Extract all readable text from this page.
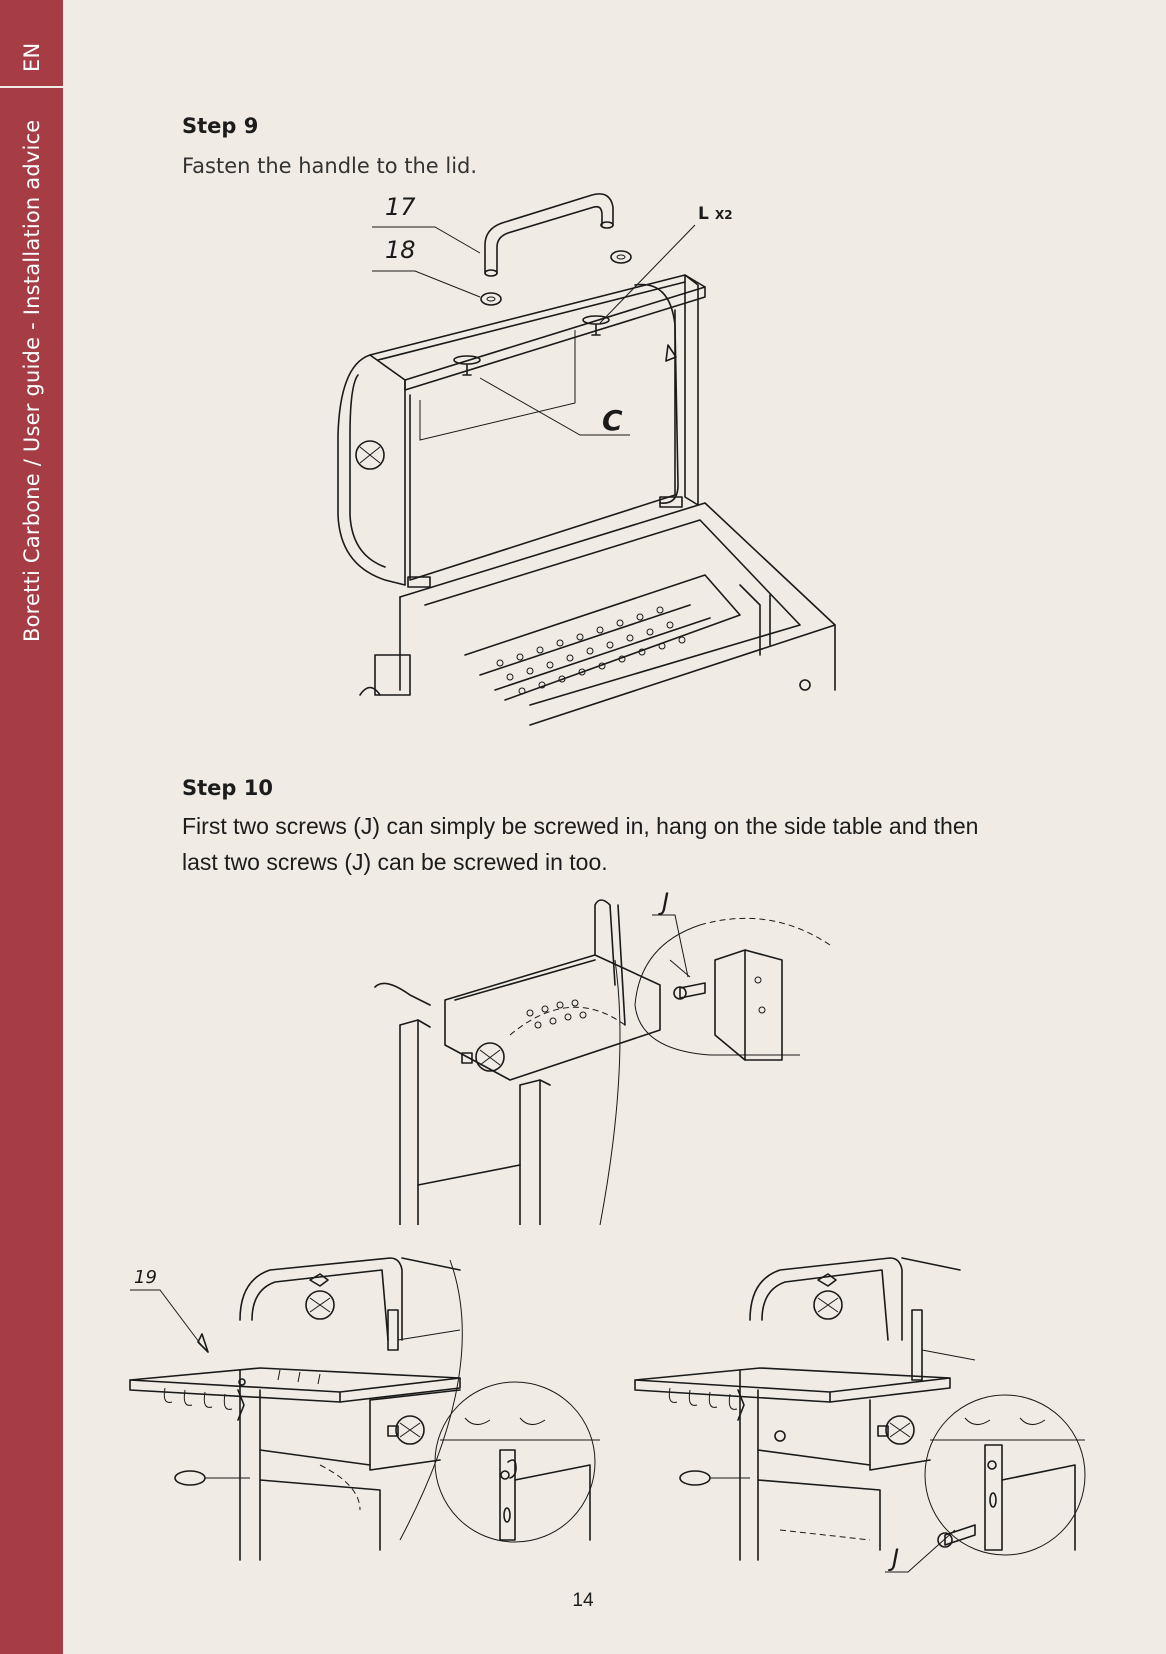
EN
Boretti Carbone / User guide - Installation advice	Step 9
Fasten the handle to the lid.
17
18
L X2
C
Step 10
First two screws (J) can simply be screwed in, hang on the side table and then
last two screws (J) can be screwed in too.
J
19
J
14
